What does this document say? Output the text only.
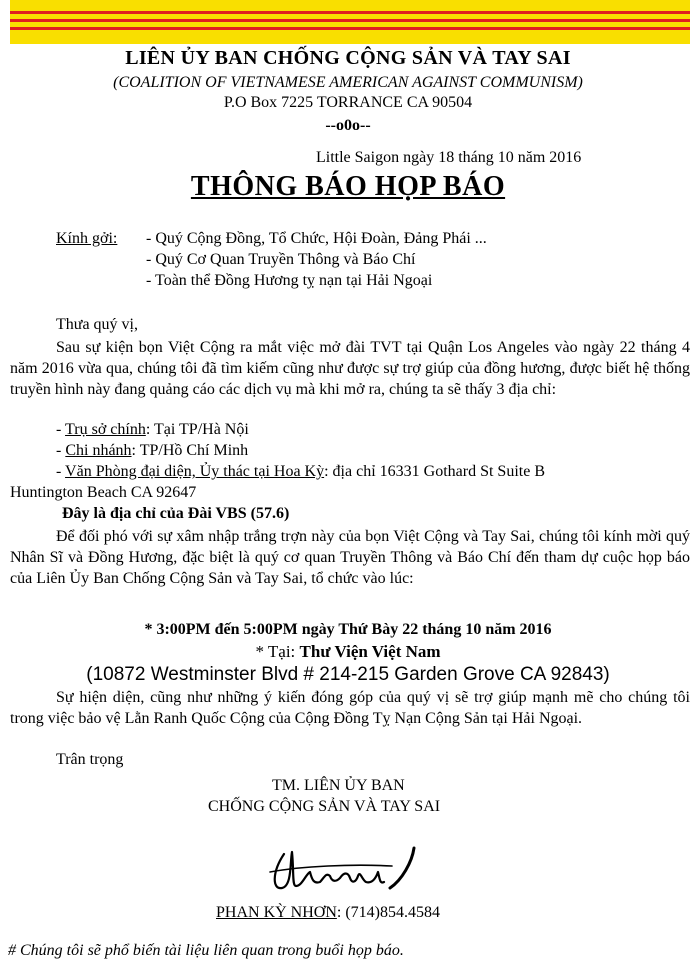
LIÊN ỦY BAN CHỐNG CỘNG SẢN VÀ TAY SAI
(COALITION OF VIETNAMESE AMERICAN AGAINST COMMUNISM)
P.O Box 7225 TORRANCE CA 90504
--o0o--
Little Saigon ngày 18 tháng 10 năm 2016
THÔNG BÁO HỌP BÁO
Kính gởi: - Quý Cộng Đồng, Tổ Chức, Hội Đoàn, Đảng Phái ...
- Quý Cơ Quan Truyền Thông và Báo Chí
- Toàn thể Đồng Hương tỵ nạn tại Hải Ngoại
Thưa quý vị,
Sau sự kiện bọn Việt Cộng ra mắt việc mở đài TVT tại Quận Los Angeles vào ngày 22 tháng 4 năm 2016 vừa qua, chúng tôi đã tìm kiếm cũng như được sự trợ giúp của đồng hương, được biết hệ thống truyền hình này đang quảng cáo các dịch vụ mà khi mở ra, chúng ta sẽ thấy 3 địa chỉ:
- Trụ sở chính: Tại TP/Hà Nội
- Chi nhánh: TP/Hồ Chí Minh
- Văn Phòng đại diện, Ủy thác tại Hoa Kỳ: địa chỉ 16331 Gothard St Suite B
Huntington Beach CA 92647
Đây là địa chỉ của Đài VBS (57.6)
Để đối phó với sự xâm nhập trắng trợn này của bọn Việt Cộng và Tay Sai, chúng tôi kính mời quý Nhân Sĩ và Đồng Hương, đặc biệt là quý cơ quan Truyền Thông và Báo Chí đến tham dự cuộc họp báo của Liên Ủy Ban Chống Cộng Sản và Tay Sai, tổ chức vào lúc:
* 3:00PM đến 5:00PM ngày Thứ Bày 22 tháng 10 năm 2016
* Tại: Thư Viện Việt Nam
(10872 Westminster Blvd # 214-215 Garden Grove CA 92843)
Sự hiện diện, cũng như những ý kiến đóng góp của quý vị sẽ trợ giúp mạnh mẽ cho chúng tôi trong việc bảo vệ Lằn Ranh Quốc Cộng của Cộng Đồng Tỵ Nạn Cộng Sản tại Hải Ngoại.
Trân trọng
TM. LIÊN ỦY BAN
CHỐNG CỘNG SẢN VÀ TAY SAI
PHAN KỲ NHƠN: (714)854.4584
# Chúng tôi sẽ phổ biến tài liệu liên quan trong buổi họp báo.
